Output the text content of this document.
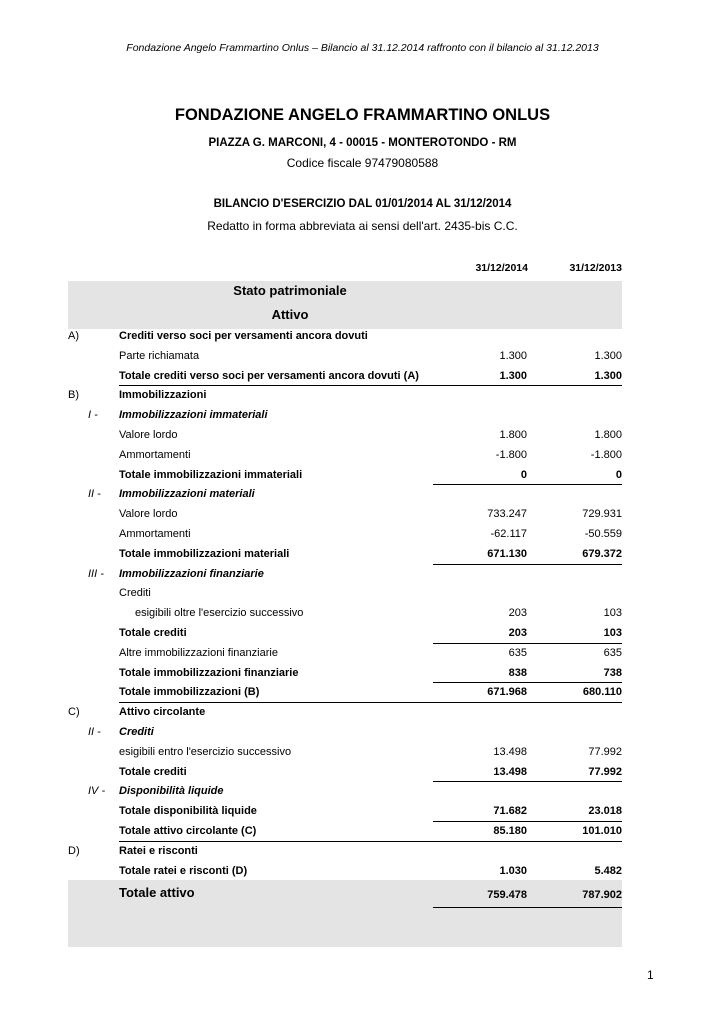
Fondazione Angelo Frammartino Onlus – Bilancio al 31.12.2014 raffronto con il bilancio al 31.12.2013
FONDAZIONE ANGELO FRAMMARTINO ONLUS
PIAZZA G. MARCONI, 4 - 00015 - MONTEROTONDO - RM
Codice fiscale 97479080588
BILANCIO D'ESERCIZIO DAL 01/01/2014 AL 31/12/2014
Redatto in forma abbreviata ai sensi dell'art. 2435-bis C.C.
31/12/2014	31/12/2013
Stato patrimoniale
Attivo
A)	Crediti verso soci per versamenti ancora dovuti
Parte richiamata	1.300	1.300
Totale crediti verso soci per versamenti ancora dovuti (A)	1.300	1.300
B)	Immobilizzazioni
I - Immobilizzazioni immateriali
Valore lordo	1.800	1.800
Ammortamenti	-1.800	-1.800
Totale immobilizzazioni immateriali	0	0
II - Immobilizzazioni materiali
Valore lordo	733.247	729.931
Ammortamenti	-62.117	-50.559
Totale immobilizzazioni materiali	671.130	679.372
III - Immobilizzazioni finanziarie
Crediti
esigibili oltre l'esercizio successivo	203	103
Totale crediti	203	103
Altre immobilizzazioni finanziarie	635	635
Totale immobilizzazioni finanziarie	838	738
Totale immobilizzazioni (B)	671.968	680.110
C)	Attivo circolante
II - Crediti
esigibili entro l'esercizio successivo	13.498	77.992
Totale crediti	13.498	77.992
IV - Disponibilità liquide
Totale disponibilità liquide	71.682	23.018
Totale attivo circolante (C)	85.180	101.010
D)	Ratei e risconti
Totale ratei e risconti (D)	1.030	5.482
Totale attivo	759.478	787.902
1
